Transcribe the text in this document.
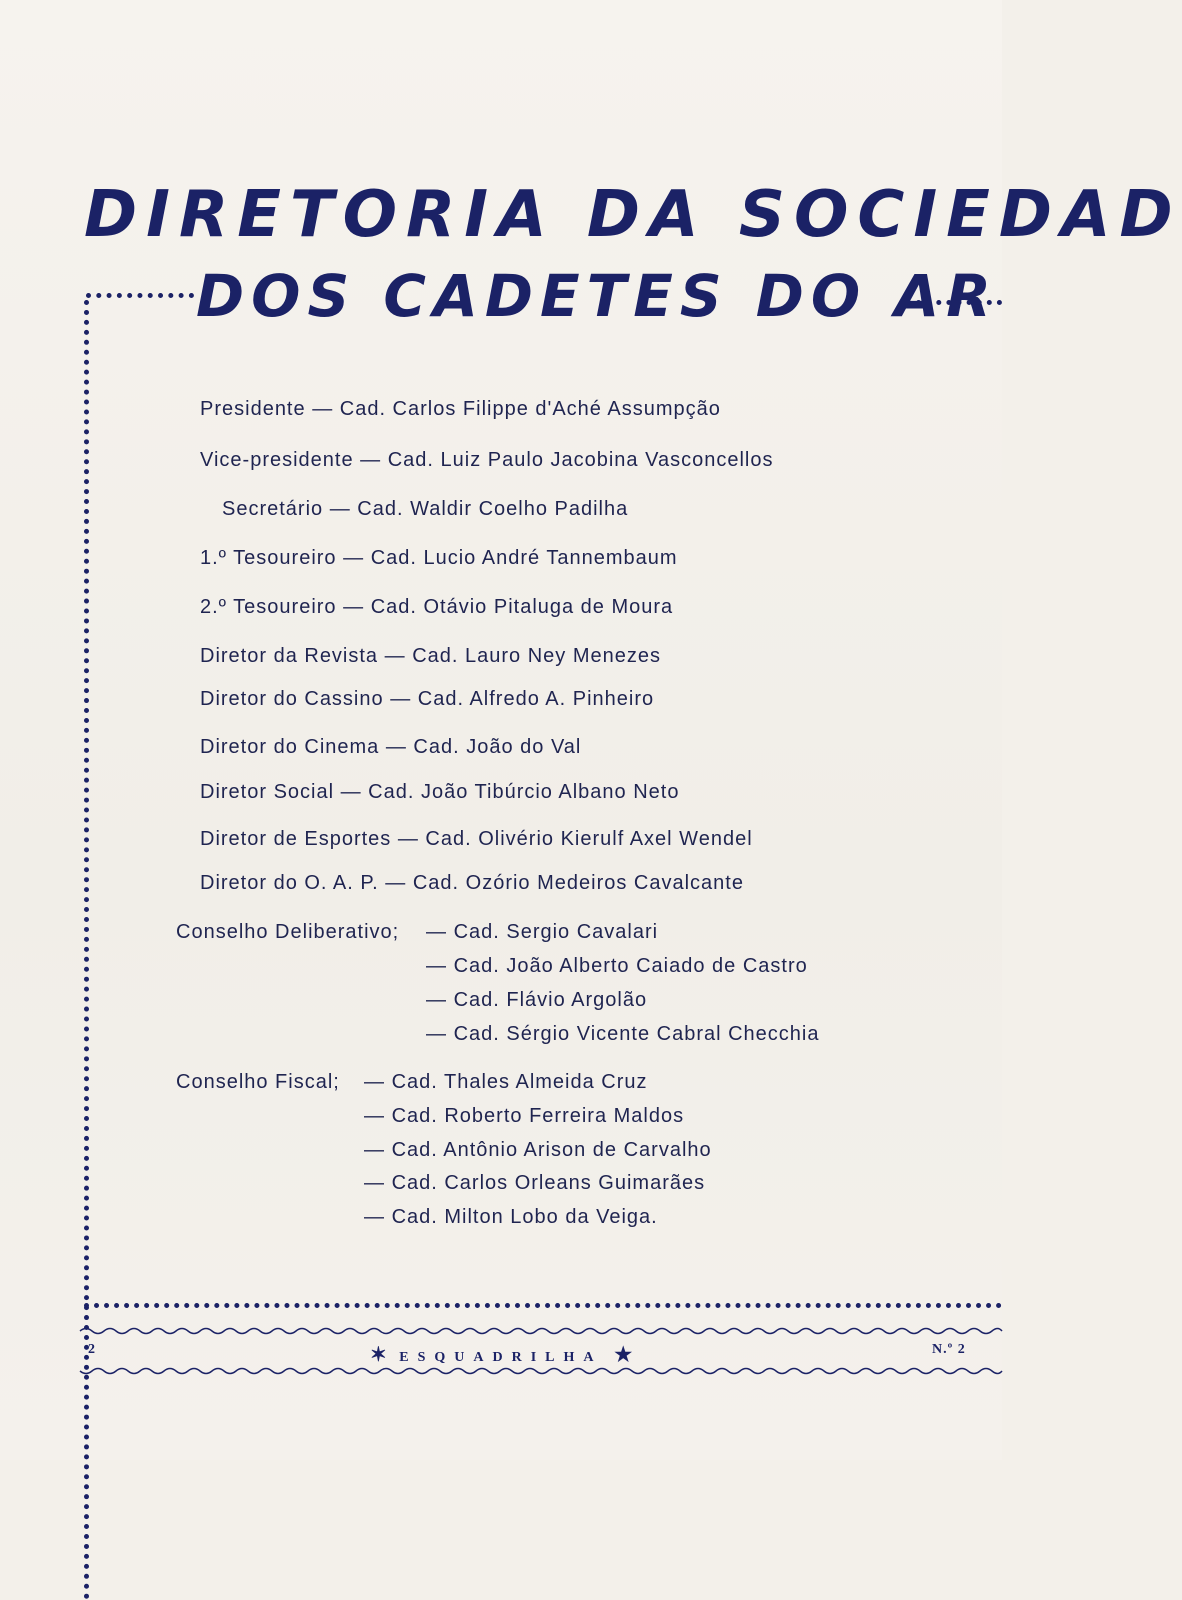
DIRETORIA DA SOCIEDAD
DOS CADETES DO AR
Presidente — Cad. Carlos Filippe d'Aché Assumpção
Vice-presidente — Cad. Luiz Paulo Jacobina Vasconcellos
Secretário — Cad. Waldir Coelho Padilha
1.º Tesoureiro — Cad. Lucio André Tannembaum
2.º Tesoureiro — Cad. Otávio Pitaluga de Moura
Diretor da Revista — Cad. Lauro Ney Menezes
Diretor do Cassino — Cad. Alfredo A. Pinheiro
Diretor do Cinema — Cad. João do Val
Diretor Social — Cad. João Tibúrcio Albano Neto
Diretor de Esportes — Cad. Olivério Kierulf Axel Wendel
Diretor do O. A. P. — Cad. Ozório Medeiros Cavalcante
Conselho Deliberativo; — Cad. Sergio Cavalari
— Cad. João Alberto Caiado de Castro
— Cad. Flávio Argolão
— Cad. Sérgio Vicente Cabral Checchia
Conselho Fiscal; — Cad. Thales Almeida Cruz
— Cad. Roberto Ferreira Maldos
— Cad. Antônio Arison de Carvalho
— Cad. Carlos Orleans Guimarães
— Cad. Milton Lobo da Veiga.
2	✶ ESQUADRILHA ★	N.º 2
